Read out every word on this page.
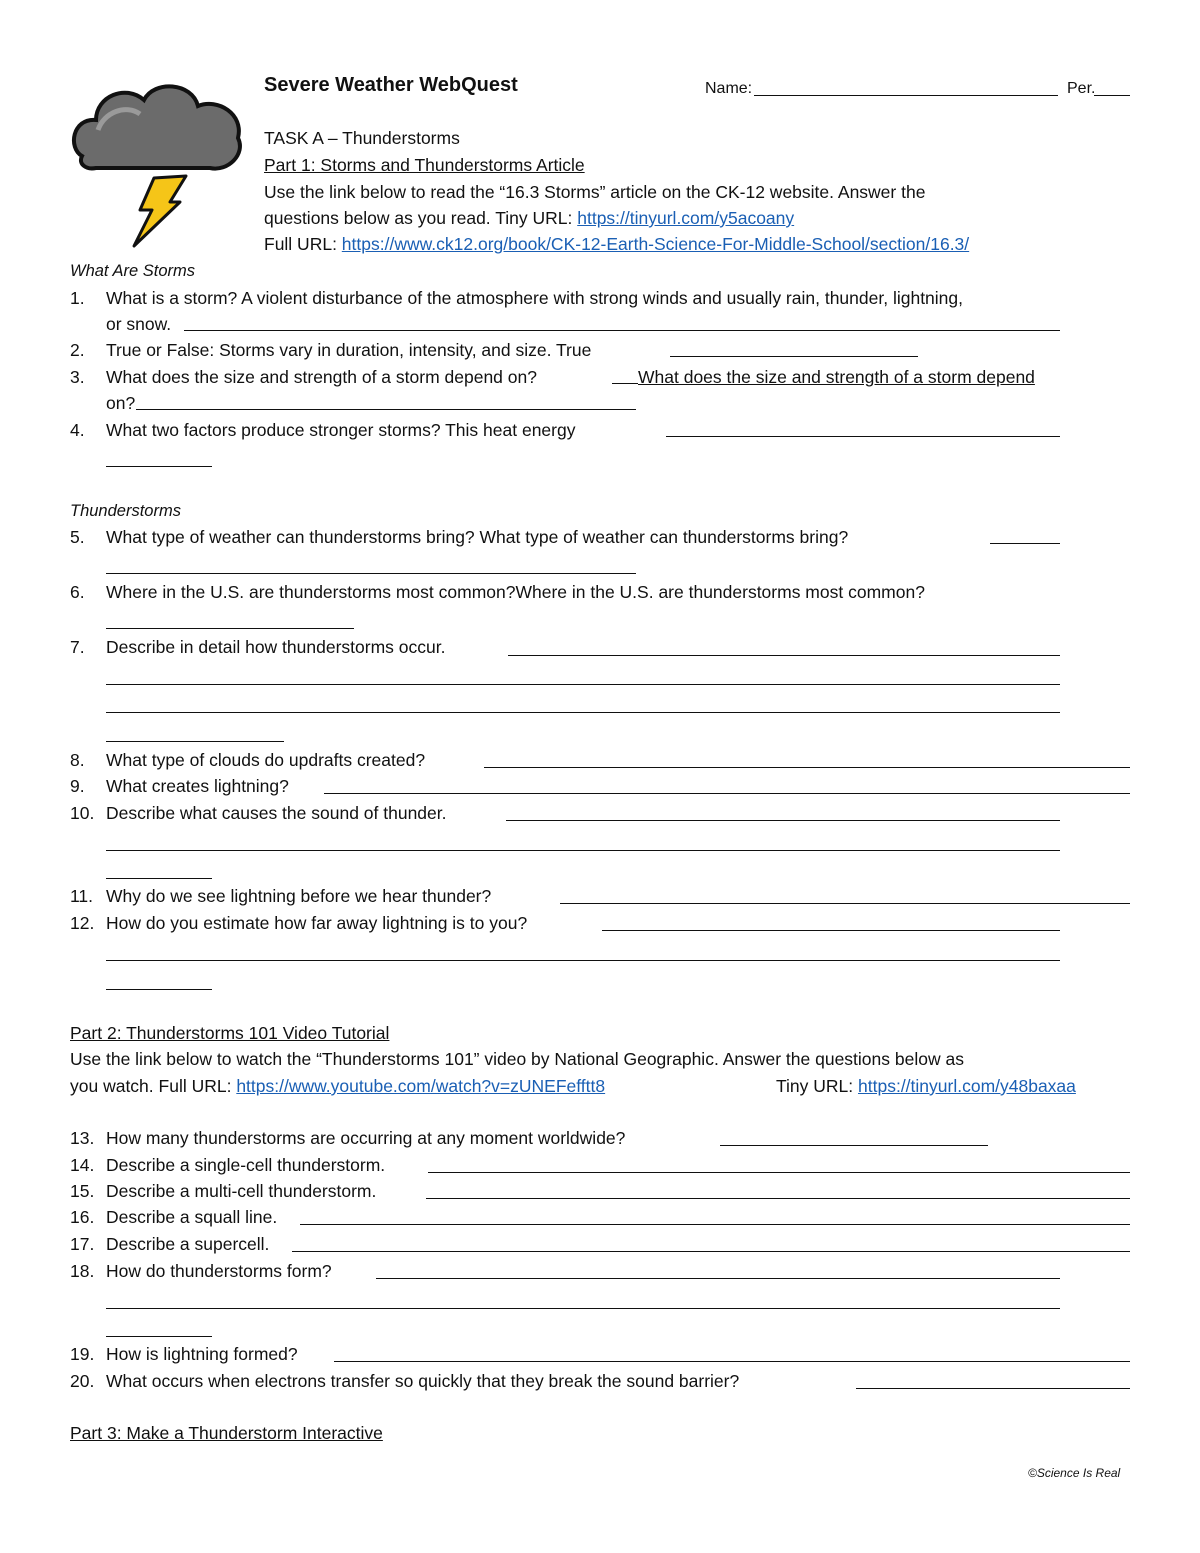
Severe Weather WebQuest	Name:	Per.
TASK A – Thunderstorms
Part 1: Storms and Thunderstorms Article
Use the link below to read the “16.3 Storms” article on the CK-12 website. Answer the
questions below as you read. Tiny URL: https://tinyurl.com/y5acoany
Full URL: https://www.ck12.org/book/CK-12-Earth-Science-For-Middle-School/section/16.3/
What Are Storms
1. What is a storm? A violent disturbance of the atmosphere with strong winds and usually rain, thunder, lightning,
or snow.
2. True or False: Storms vary in duration, intensity, and size. True
3. What does the size and strength of a storm depend on?	What does the size and strength of a storm depend
on?
4. What two factors produce stronger storms? This heat energy
Thunderstorms
5. What type of weather can thunderstorms bring? What type of weather can thunderstorms bring?
6. Where in the U.S. are thunderstorms most common?Where in the U.S. are thunderstorms most common?
7. Describe in detail how thunderstorms occur.
8. What type of clouds do updrafts created?
9. What creates lightning?
10. Describe what causes the sound of thunder.
11. Why do we see lightning before we hear thunder?
12. How do you estimate how far away lightning is to you?
Part 2: Thunderstorms 101 Video Tutorial
Use the link below to watch the “Thunderstorms 101” video by National Geographic. Answer the questions below as
you watch. Full URL: https://www.youtube.com/watch?v=zUNEFefftt8	Tiny URL: https://tinyurl.com/y48baxaa
13. How many thunderstorms are occurring at any moment worldwide?
14. Describe a single-cell thunderstorm.
15. Describe a multi-cell thunderstorm.
16. Describe a squall line.
17. Describe a supercell.
18. How do thunderstorms form?
19. How is lightning formed?
20. What occurs when electrons transfer so quickly that they break the sound barrier?
Part 3: Make a Thunderstorm Interactive
©Science Is Real
